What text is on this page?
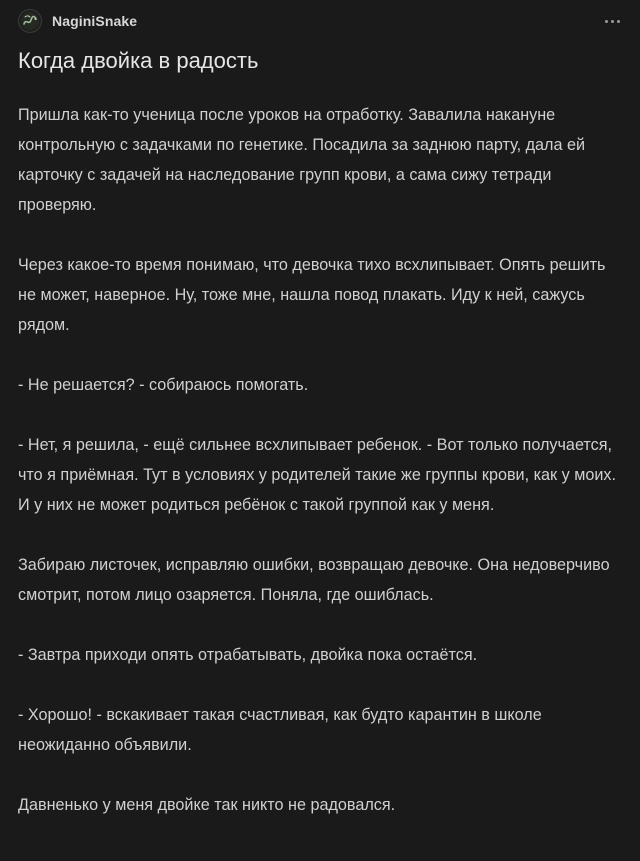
NaginiSnake
Когда двойка в радость

Пришла как-то ученица после уроков на отработку. Завалила накануне контрольную с задачками по генетике. Посадила за заднюю парту, дала ей карточку с задачей на наследование групп крови, а сама сижу тетради проверяю.

Через какое-то время понимаю, что девочка тихо всхлипывает. Опять решить не может, наверное. Ну, тоже мне, нашла повод плакать. Иду к ней, сажусь рядом.

- Не решается? - собираюсь помогать.

- Нет, я решила, - ещё сильнее всхлипывает ребенок. - Вот только получается, что я приёмная. Тут в условиях у родителей такие же группы крови, как у моих. И у них не может родиться ребёнок с такой группой как у меня.

Забираю листочек, исправляю ошибки, возвращаю девочке. Она недоверчиво смотрит, потом лицо озаряется. Поняла, где ошиблась.

- Завтра приходи опять отрабатывать, двойка пока остаётся.

- Хорошо! - вскакивает такая счастливая, как будто карантин в школе неожиданно объявили.

Давненько у меня двойке так никто не радовался.
